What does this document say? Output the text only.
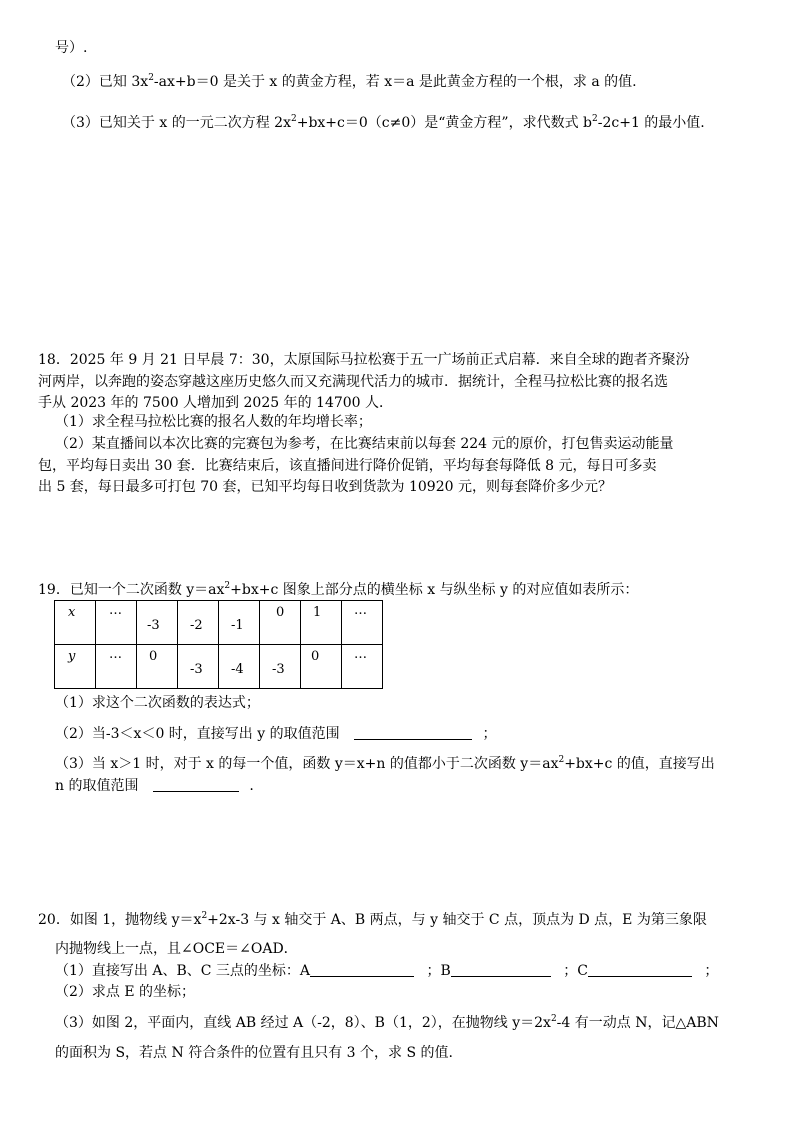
号）.
（2）已知 $3x^2-ax+b=0$ 是关于 x 的黄金方程，若 x＝a 是此黄金方程的一个根，求 a 的值.
（3）已知关于 x 的一元二次方程 $2x^2+bx+c=0(c\ne 0)$是“黄金方程”，求代数式 $b^2-2c+1$ 的最小值.
18．2025 年 9 月 21 日早晨 7：30，太原国际马拉松赛于五一广场前正式启幕．来自全球的跑者齐聚汾
河两岸，以奔跑的姿态穿越这座历史悠久而又充满现代活力的城市．据统计，全程马拉松比赛的报名选
手从 2023 年的 7500 人增加到 2025 年的 14700 人．
（1）求全程马拉松比赛的报名人数的年均增长率；
（2）某直播间以本次比赛的完赛包为参考，在比赛结束前以每套 224 元的原价，打包售卖运动能量
包，平均每日卖出 30 套．比赛结束后，该直播间进行降价促销，平均每套每降低 8 元，每日可多卖
出 5 套，每日最多可打包 70 套，已知平均每日收到货款为 10920 元，则每套降价多少元？
19．已知一个二次函数 $y=ax^2+bx+c$ 图象上部分点的横坐标 x 与纵坐标 y 的对应值如表所示：
x	…	-3	-2	-1	0	1	…

y	…	0	-3	-4	-3	0	…
（1）求这个二次函数的表达式；
（2）当-3＜x＜0 时，直接写出 y 的取值范围	；
（3）当 x＞1 时，对于 x 的每一个值，函数 y＝x+n 的值都小于二次函数 $y=ax^2+bx+c$ 的值，直接写出
n 的取值范围	.
20．如图 1，抛物线 $y=x^2+2x-3$ 与 x 轴交于 A、B 两点，与 y 轴交于 C 点，顶点为 D 点，E 为第三象限
内抛物线上一点，且∠OCE＝∠OAD．
（1）直接写出 A、B、C 三点的坐标：A	；B	；C	；
（2）求点 E 的坐标；
（3）如图 2，平面内，直线 AB 经过 A（-2，8）、B（1，2），在抛物线 $y=2x^2-4$ 有一动点 N，记△ABN
的面积为 S，若点 N 符合条件的位置有且只有 3 个，求 S 的值.
